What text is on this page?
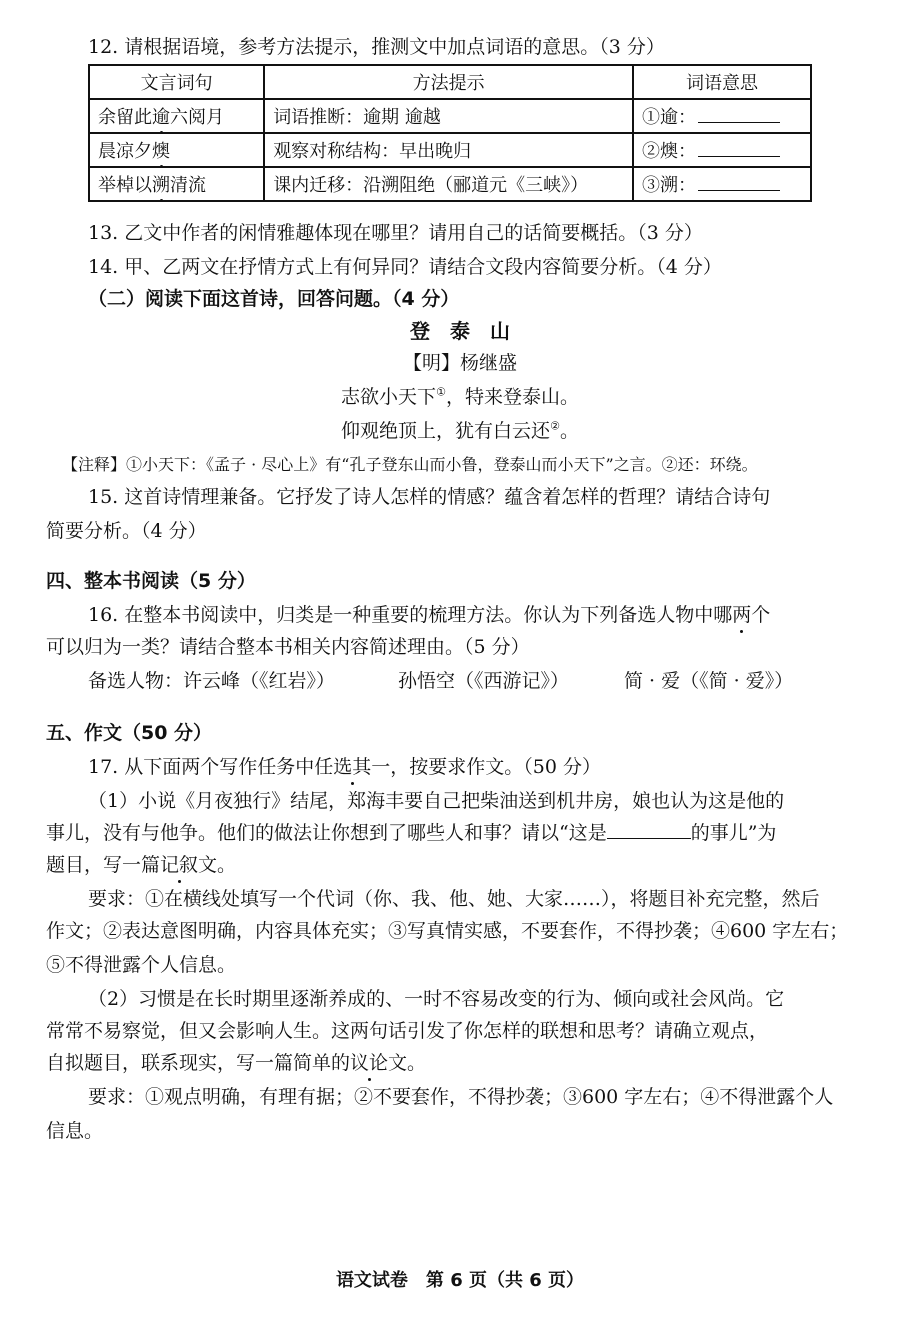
12. 请根据语境，参考方法提示，推测文中加点词语的意思。（3 分）
文言词句	方法提示	词语意思
余留此逾六阅月	词语推断：逾期 逾越	①逾：
晨凉夕燠	观察对称结构：早出晚归	②燠：
举棹以溯清流	课内迁移：沿溯阻绝（郦道元《三峡》）	③溯：
13. 乙文中作者的闲情雅趣体现在哪里？请用自己的话简要概括。（3 分）
14. 甲、乙两文在抒情方式上有何异同？请结合文段内容简要分析。（4 分）
（二）阅读下面这首诗，回答问题。（4 分）
登　泰　山
【明】杨继盛
志欲小天下①，特来登泰山。
仰观绝顶上，犹有白云还②。
【注释】①小天下：《孟子 · 尽心上》有“孔子登东山而小鲁，登泰山而小天下”之言。②还：环绕。
15. 这首诗情理兼备。它抒发了诗人怎样的情感？蕴含着怎样的哲理？请结合诗句
简要分析。（4 分）
四、整本书阅读（5 分）
16. 在整本书阅读中，归类是一种重要的梳理方法。你认为下列备选人物中哪两个
可以归为一类？请结合整本书相关内容简述理由。（5 分）
备选人物：许云峰（《红岩》）	孙悟空（《西游记》）	简 · 爱（《简 · 爱》）
五、作文（50 分）
17. 从下面两个写作任务中任选其一，按要求作文。（50 分）
（1）小说《月夜独行》结尾，郑海丰要自己把柴油送到机井房，娘也认为这是他的
事儿，没有与他争。他们的做法让你想到了哪些人和事？请以“这是	的事儿”为
题目，写一篇记叙文。
要求：①在横线处填写一个代词（你、我、他、她、大家……），将题目补充完整，然后
作文；②表达意图明确，内容具体充实；③写真情实感，不要套作，不得抄袭；④600 字左右；
⑤不得泄露个人信息。
（2）习惯是在长时期里逐渐养成的、一时不容易改变的行为、倾向或社会风尚。它
常常不易察觉，但又会影响人生。这两句话引发了你怎样的联想和思考？请确立观点，
自拟题目，联系现实，写一篇简单的议论文。
要求：①观点明确，有理有据；②不要套作，不得抄袭；③600 字左右；④不得泄露个人
信息。
语文试卷　第 6 页（共 6 页）
